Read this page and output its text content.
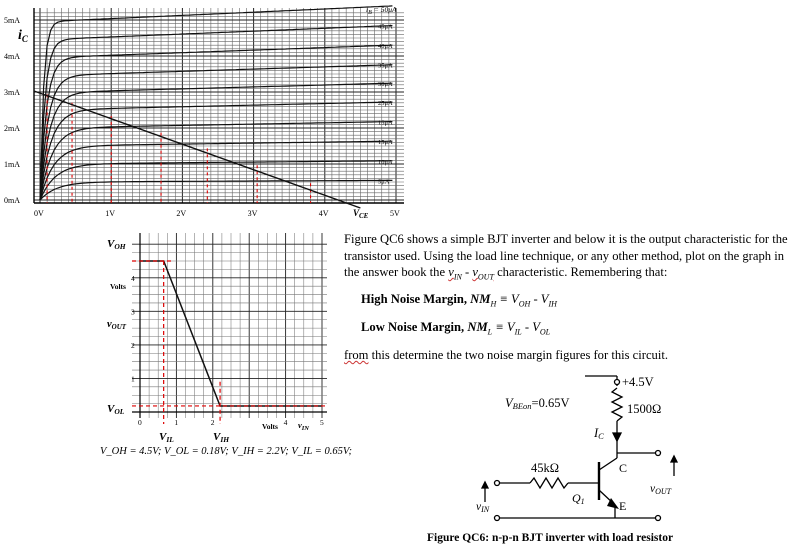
0V	1V	2V	3V	4V	5V
0mA
1mA
2mA
3mA
4mA
5mA
45μA
40μA
35μA
30μA
25μA
15μA
15μA
10μA
5μA
$i_C$
$V_{CE}$
$i_B = 50\mu A$
0	1	2	4	5
1
2
3
4
VOH
VOL
Volts
vOUT
VIL	VIH
Volts $v_{IN}$
V_OH = 4.5V; V_OL = 0.18V; V_IH = 2.2V; V_IL = 0.65V;
+4.5V
1500Ω
VBEon=0.65V
IC
45kΩ	C
E
Q1
vIN
vOUT
Figure QC6: n-p-n BJT inverter with load resistor
Figure QC6 shows a simple BJT inverter and below it is the output characteristic for the transistor used. Using the load line technique, or any other method, plot on the graph in the answer book the $v_{IN} - v_{OUT}$ characteristic. Remembering that:
High Noise Margin, $NM_H \equiv V_{OH} - V_{IH}$
Low Noise Margin, $NM_L \equiv V_{IL} - V_{OL}$
from this determine the two noise margin figures for this circuit.
